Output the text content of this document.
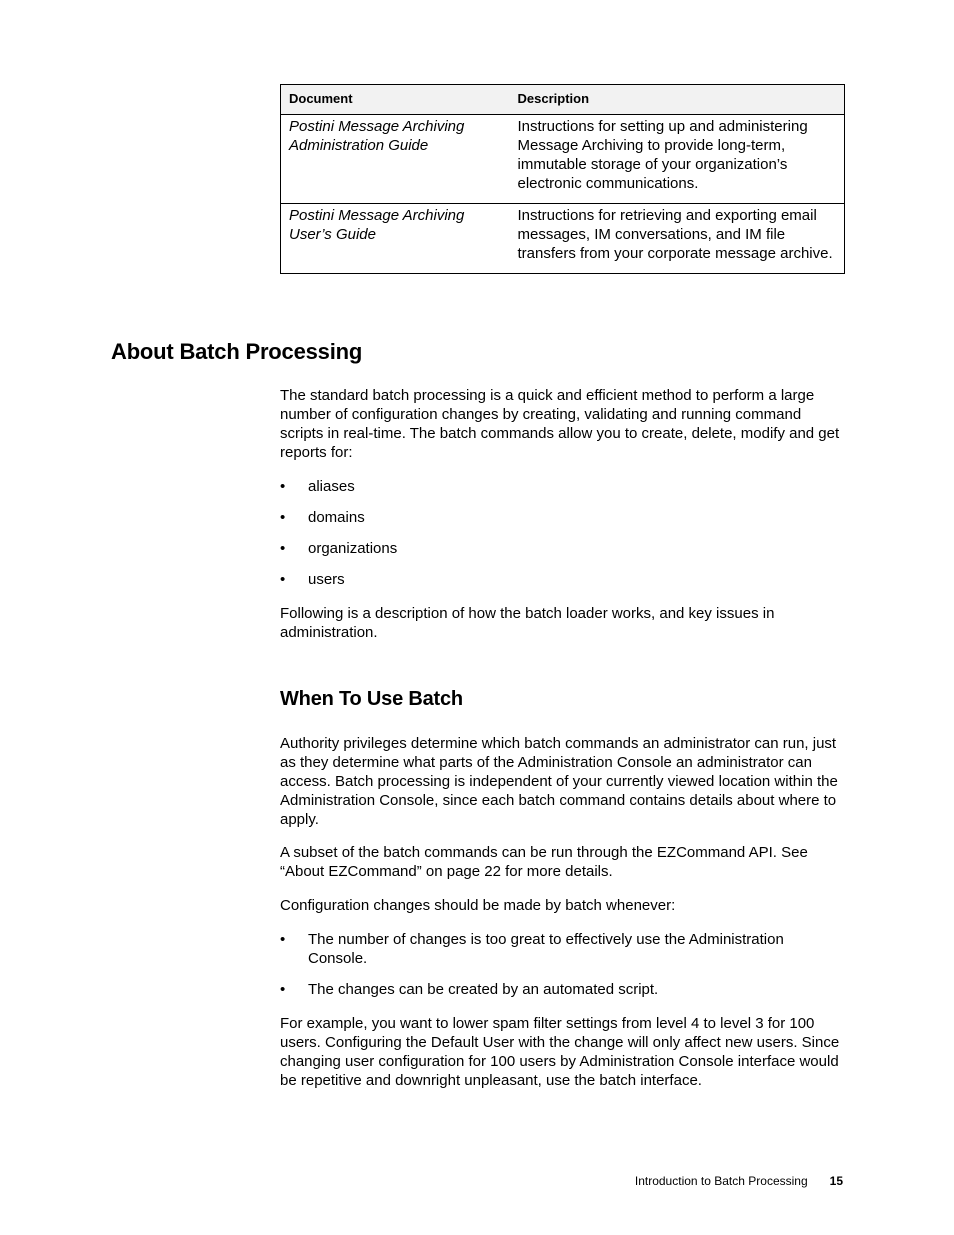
Document	Description
Postini Message Archiving Administration Guide	Instructions for setting up and administering Message Archiving to provide long-term, immutable storage of your organization’s electronic communications.
Postini Message Archiving User’s Guide	Instructions for retrieving and exporting email messages, IM conversations, and IM file transfers from your corporate message archive.
About Batch Processing

The standard batch processing is a quick and efficient method to perform a large number of configuration changes by creating, validating and running command scripts in real-time. The batch commands allow you to create, delete, modify and get reports for:

• aliases
• domains
• organizations
• users

Following is a description of how the batch loader works, and key issues in administration.

When To Use Batch

Authority privileges determine which batch commands an administrator can run, just as they determine what parts of the Administration Console an administrator can access. Batch processing is independent of your currently viewed location within the Administration Console, since each batch command contains details about where to apply.

A subset of the batch commands can be run through the EZCommand API. See “About EZCommand” on page 22 for more details.

Configuration changes should be made by batch whenever:

• The number of changes is too great to effectively use the Administration Console.
• The changes can be created by an automated script.

For example, you want to lower spam filter settings from level 4 to level 3 for 100 users. Configuring the Default User with the change will only affect new users. Since changing user configuration for 100 users by Administration Console interface would be repetitive and downright unpleasant, use the batch interface.

Introduction to Batch Processing 15
